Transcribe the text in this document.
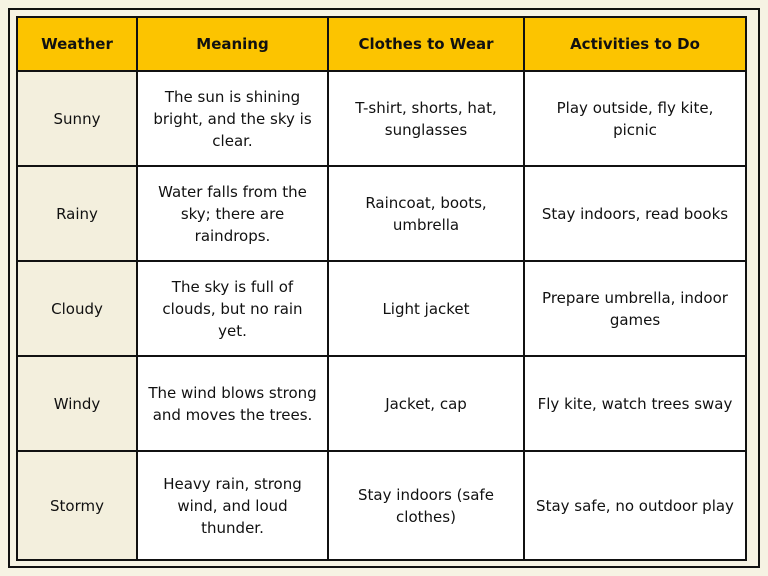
Weather	Meaning	Clothes to Wear	Activities to Do
Sunny	The sun is shining bright, and the sky is clear.	T-shirt, shorts, hat, sunglasses	Play outside, fly kite, picnic
Rainy	Water falls from the sky; there are raindrops.	Raincoat, boots, umbrella	Stay indoors, read books
Cloudy	The sky is full of clouds, but no rain yet.	Light jacket	Prepare umbrella, indoor games
Windy	The wind blows strong and moves the trees.	Jacket, cap	Fly kite, watch trees sway
Stormy	Heavy rain, strong wind, and loud thunder.	Stay indoors (safe clothes)	Stay safe, no outdoor play
